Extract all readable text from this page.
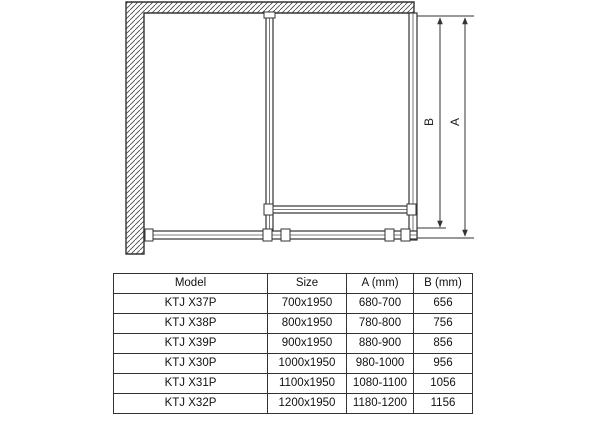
B A
Model	Size	A (mm)	B (mm)
KTJ X37P	700x1950	680-700	656
KTJ X38P	800x1950	780-800	756
KTJ X39P	900x1950	880-900	856
KTJ X30P	1000x1950	980-1000	956
KTJ X31P	1100x1950	1080-1100	1056
KTJ X32P	1200x1950	1180-1200	1156
